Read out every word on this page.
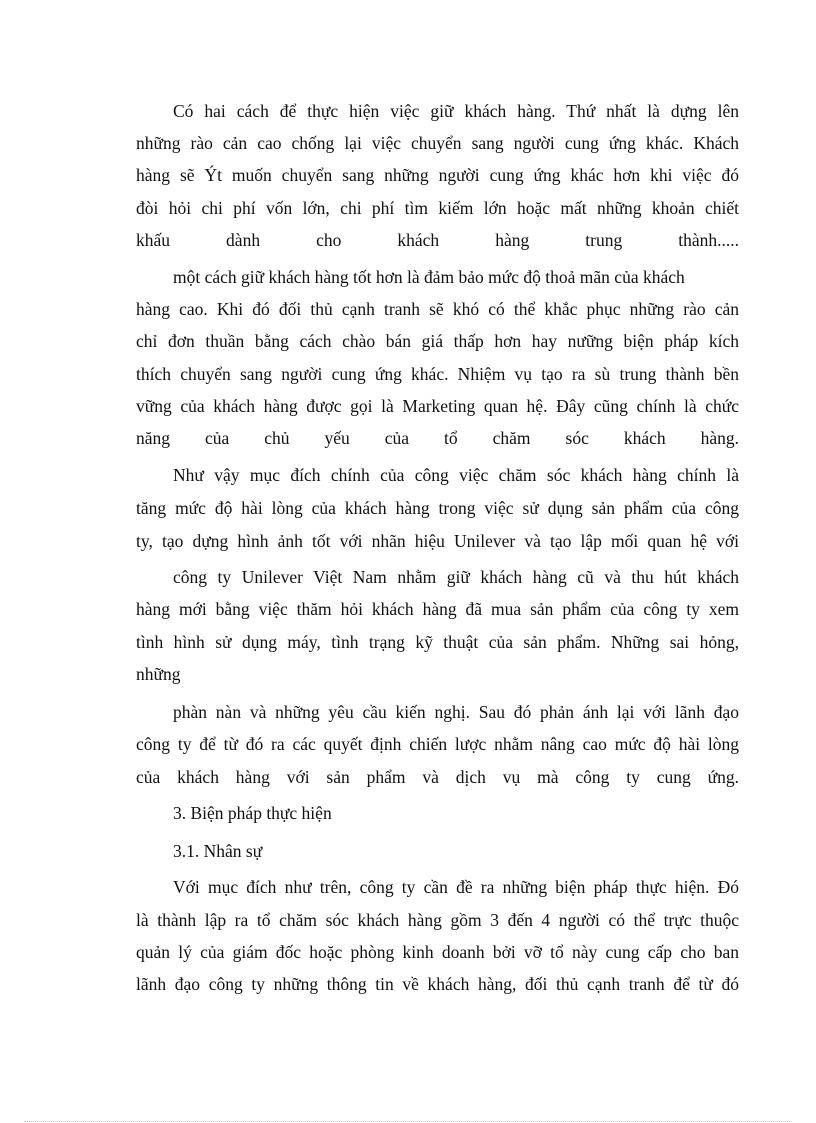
Có hai cách để thực hiện việc giữ khách hàng. Thứ nhất là dựng lên
những rào cản cao chống lại việc chuyển sang người cung ứng khác. Khách
hàng sẽ Ýt muốn chuyển sang những người cung ứng khác hơn khi việc đó
đòi hỏi chi phí vốn lớn, chi phí tìm kiếm lớn hoặc mất những khoản chiết
khấu dành cho khách hàng trung thành.....
một cách giữ khách hàng tốt hơn là đảm bảo mức độ thoả mãn của khách
hàng cao. Khi đó đối thủ cạnh tranh sẽ khó có thể khắc phục những rào cản
chỉ đơn thuần bằng cách chào bán giá thấp hơn hay nưững biện pháp kích
thích chuyển sang người cung ứng khác. Nhiệm vụ tạo ra sù trung thành bền
vững của khách hàng được gọi là Marketing quan hệ. Đây cũng chính là chức
năng của chủ yếu của tổ chăm sóc khách hàng.
Như vậy mục đích chính của công việc chăm sóc khách hàng chính là
tăng mức độ hài lòng của khách hàng trong việc sử dụng sản phẩm của công
ty, tạo dựng hình ảnh tốt với nhãn hiệu Unilever và tạo lập mối quan hệ với
công ty Unilever Việt Nam nhằm giữ khách hàng cũ và thu hút khách
hàng mới bằng việc thăm hỏi khách hàng đã mua sản phẩm của công ty xem
tình hình sử dụng máy, tình trạng kỹ thuật của sản phẩm. Những sai hỏng,
những
phàn nàn và những yêu cầu kiến nghị. Sau đó phản ánh lại với lãnh đạo
công ty để từ đó ra các quyết định chiến lược nhằm nâng cao mức độ hài lòng
của khách hàng với sản phẩm và dịch vụ mà công ty cung ứng.
3. Biện pháp thực hiện
3.1. Nhân sự
Với mục đích như trên, công ty cần đề ra những biện pháp thực hiện. Đó
là thành lập ra tổ chăm sóc khách hàng gồm 3 đến 4 người có thể trực thuộc
quản lý của giám đốc hoặc phòng kinh doanh bởi vỡ tổ này cung cấp cho ban
lãnh đạo công ty những thông tin về khách hàng, đối thủ cạnh tranh để từ đó
